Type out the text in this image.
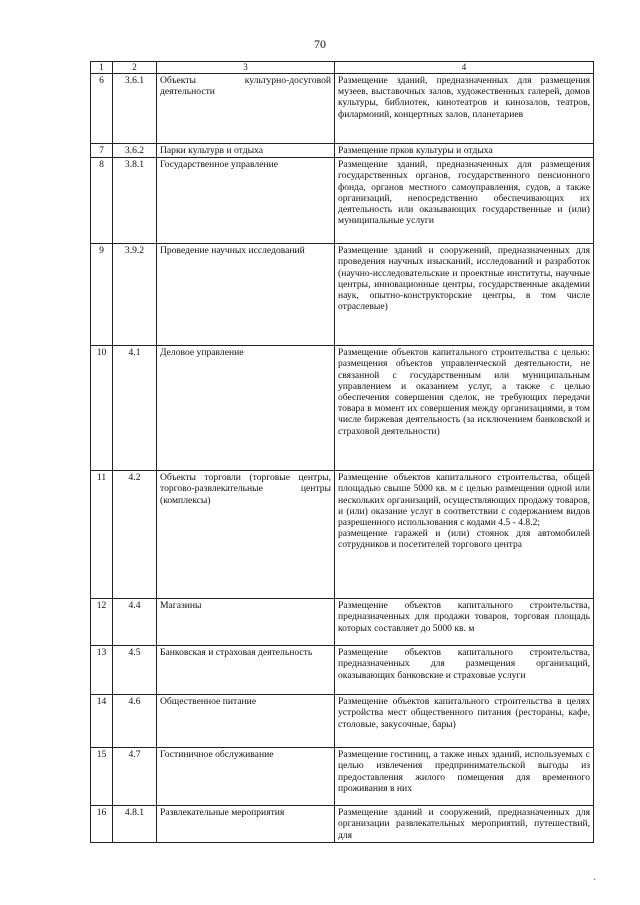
70
1	2	3	4
6	3.6.1	Объекты культурно-досуговой деятельности	Размещение зданий, предназначенных для размещения музеев, выставочных залов, художественных галерей, домов культуры, библиотек, кинотеатров и кинозалов, театров, филармоний, концертных залов, планетариев
7	3.6.2	Парки культурв и отдыха	Размещение прков культуры и отдыха
8	3.8.1	Государственное управление	Размещение зданий, предназначенных для размещения государственных органов, государственного пенсионного фонда, органов местного самоуправления, судов, а также организаций, непосредственно обеспечивающих их деятельность или оказывающих государственные и (или) муниципальные услуги
9	3.9.2	Проведение научных исследований	Размещение зданий и сооружений, предназначенных для проведения научных изысканий, исследований и разработок (научно-исследовательские и проектные институты, научные центры, инновационные центры, государственные академии наук, опытно-конструкторские центры, в том числе отраслевые)
10	4.1	Деловое управление	Размещение объектов капитального строительства с целью: размещения объектов управленческой деятельности, не связанной с государственным или муниципальным управлением и оказанием услуг, а также с целью обеспечения совершения сделок, не требующих передачи товара в момент их совершения между организациями, в том числе биржевая деятельность (за исключением банковской и страховой деятельности)
11	4.2	Объекты торговли (торговые центры, торгово-развлекательные центры (комплексы)	Размещение объектов капитального строительства, общей площадью свыше 5000 кв. м с целью размещения одной или нескольких организаций, осуществляющих продажу товаров, и (или) оказание услуг в соответствии с содержанием видов разрешенного использования с кодами 4.5 - 4.8.2;
размещение гаражей и (или) стоянок для автомобилей сотрудников и посетителей торгового центра

12	4.4	Магазины	Размещение объектов капитального строительства, предназначенных для продажи товаров, торговая площадь которых составляет до 5000 кв. м
13	4.5	Банковская и страховая деятельность	Размещение объектов капитального строительства, предназначенных для размещения организаций, оказывающих банковские и страховые услуги
14	4.6	Общественное питание	Размещение объектов капитального строительства в целях устройства мест общественного питания (рестораны, кафе, столовые, закусочные, бары)
15	4.7	Гостиничное обслуживание	Размещение гостиниц, а также иных зданий, используемых с целью извлечения предпринимательской выгоды из предоставления жилого помещения для временного проживания в них
16	4.8.1	Развлекательные мероприятия	Размещение зданий и сооружений, предназначенных для организации развлекательных мероприятий, путешествий, для
·
